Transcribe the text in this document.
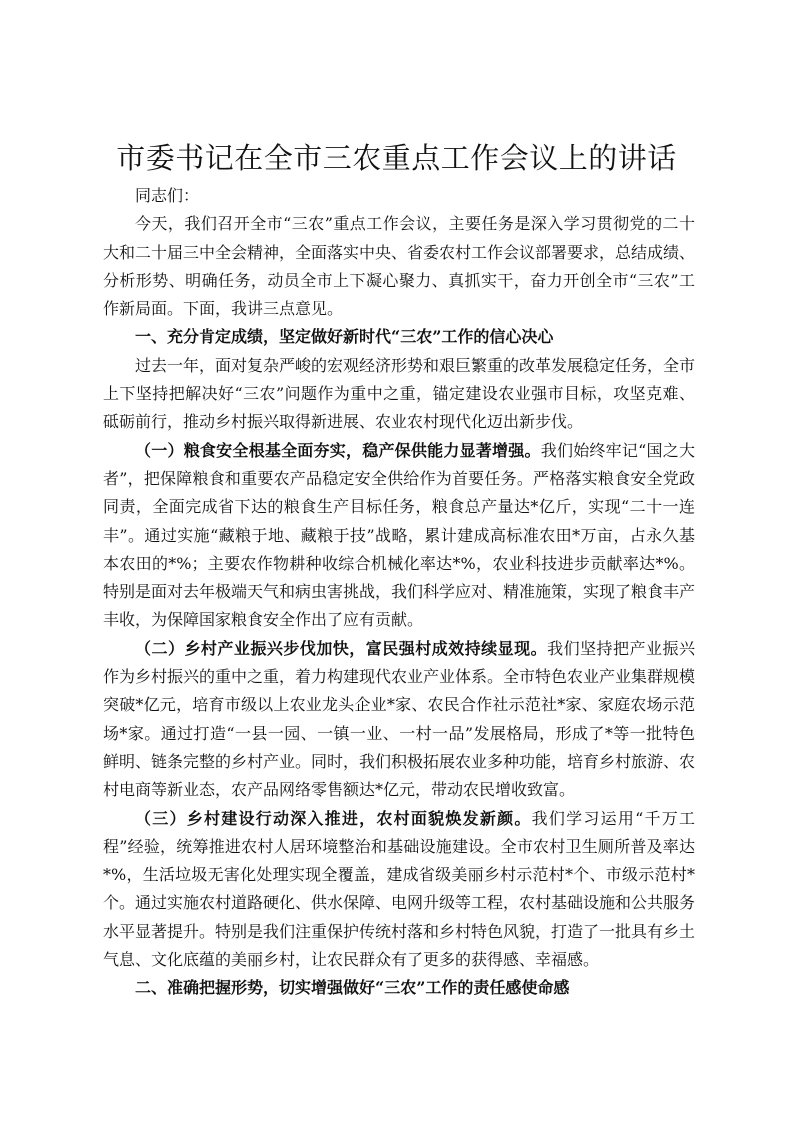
市委书记在全市三农重点工作会议上的讲话

同志们：

今天，我们召开全市“三农”重点工作会议，主要任务是深入学习贯彻党的二十大和二十届三中全会精神，全面落实中央、省委农村工作会议部署要求，总结成绩、分析形势、明确任务，动员全市上下凝心聚力、真抓实干，奋力开创全市“三农”工作新局面。下面，我讲三点意见。

一、充分肯定成绩，坚定做好新时代“三农”工作的信心决心

过去一年，面对复杂严峻的宏观经济形势和艰巨繁重的改革发展稳定任务，全市上下坚持把解决好“三农”问题作为重中之重，锚定建设农业强市目标，攻坚克难、砥砺前行，推动乡村振兴取得新进展、农业农村现代化迈出新步伐。

（一）粮食安全根基全面夯实，稳产保供能力显著增强。我们始终牢记“国之大者”，把保障粮食和重要农产品稳定安全供给作为首要任务。严格落实粮食安全党政同责，全面完成省下达的粮食生产目标任务，粮食总产量达*亿斤，实现“二十一连丰”。通过实施“藏粮于地、藏粮于技”战略，累计建成高标准农田*万亩，占永久基本农田的*%；主要农作物耕种收综合机械化率达*%，农业科技进步贡献率达*%。特别是面对去年极端天气和病虫害挑战，我们科学应对、精准施策，实现了粮食丰产丰收，为保障国家粮食安全作出了应有贡献。

（二）乡村产业振兴步伐加快，富民强村成效持续显现。我们坚持把产业振兴作为乡村振兴的重中之重，着力构建现代农业产业体系。全市特色农业产业集群规模突破*亿元，培育市级以上农业龙头企业*家、农民合作社示范社*家、家庭农场示范场*家。通过打造“一县一园、一镇一业、一村一品”发展格局，形成了*等一批特色鲜明、链条完整的乡村产业。同时，我们积极拓展农业多种功能，培育乡村旅游、农村电商等新业态，农产品网络零售额达*亿元，带动农民增收致富。

（三）乡村建设行动深入推进，农村面貌焕发新颜。我们学习运用“千万工程”经验，统筹推进农村人居环境整治和基础设施建设。全市农村卫生厕所普及率达*%，生活垃圾无害化处理实现全覆盖，建成省级美丽乡村示范村*个、市级示范村*个。通过实施农村道路硬化、供水保障、电网升级等工程，农村基础设施和公共服务水平显著提升。特别是我们注重保护传统村落和乡村特色风貌，打造了一批具有乡土气息、文化底蕴的美丽乡村，让农民群众有了更多的获得感、幸福感。

二、准确把握形势，切实增强做好“三农”工作的责任感使命感
